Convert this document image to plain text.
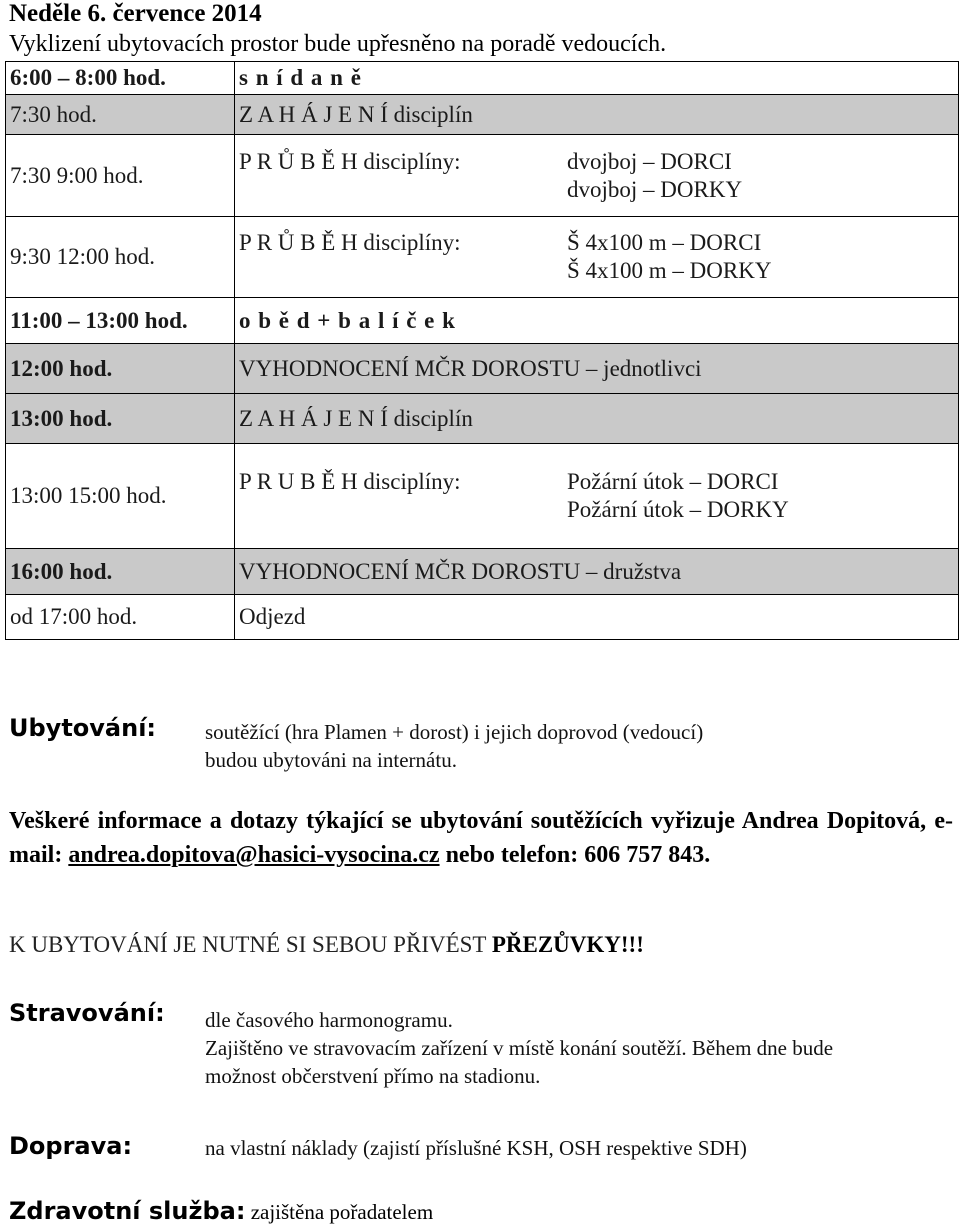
Neděle 6. července 2014
Vyklizení ubytovacích prostor bude upřesněno na poradě vedoucích.
6:00 – 8:00 hod.	s n í d a n ě
7:30 hod.	Z A H Á J E N Í disciplín
7:30 9:00 hod.	P R Ů B Ě H disciplíny: dvojboj – DORCI
dvojboj – DORKY

9:30 12:00 hod.	P R Ů B Ě H disciplíny: Š 4x100 m – DORCI
Š 4x100 m – DORKY

11:00 – 13:00 hod.	o b ě d + b a l í č e k
12:00 hod.	VYHODNOCENÍ MČR DOROSTU – jednotlivci
13:00 hod.	Z A H Á J E N Í disciplín
13:00 15:00 hod.	P R U B Ě H disciplíny: Požární útok – DORCI
Požární útok – DORKY

16:00 hod.	VYHODNOCENÍ MČR DOROSTU – družstva
od 17:00 hod.	Odjezd
Ubytování: soutěžící (hra Plamen + dorost) i jejich doprovod (vedoucí)
budou ubytováni na internátu.
Veškeré informace a dotazy týkající se ubytování soutěžících vyřizuje Andrea Dopitová, e-mail: andrea.dopitova@hasici-vysocina.cz nebo telefon: 606 757 843.
K UBYTOVÁNÍ JE NUTNÉ SI SEBOU PŘIVÉST PŘEZŮVKY!!!
Stravování: dle časového harmonogramu.
Zajištěno ve stravovacím zařízení v místě konání soutěží. Během dne bude
možnost občerstvení přímo na stadionu.
Doprava:	na vlastní náklady (zajistí příslušné KSH, OSH respektive SDH)
Zdravotní služba: zajištěna pořadatelem
